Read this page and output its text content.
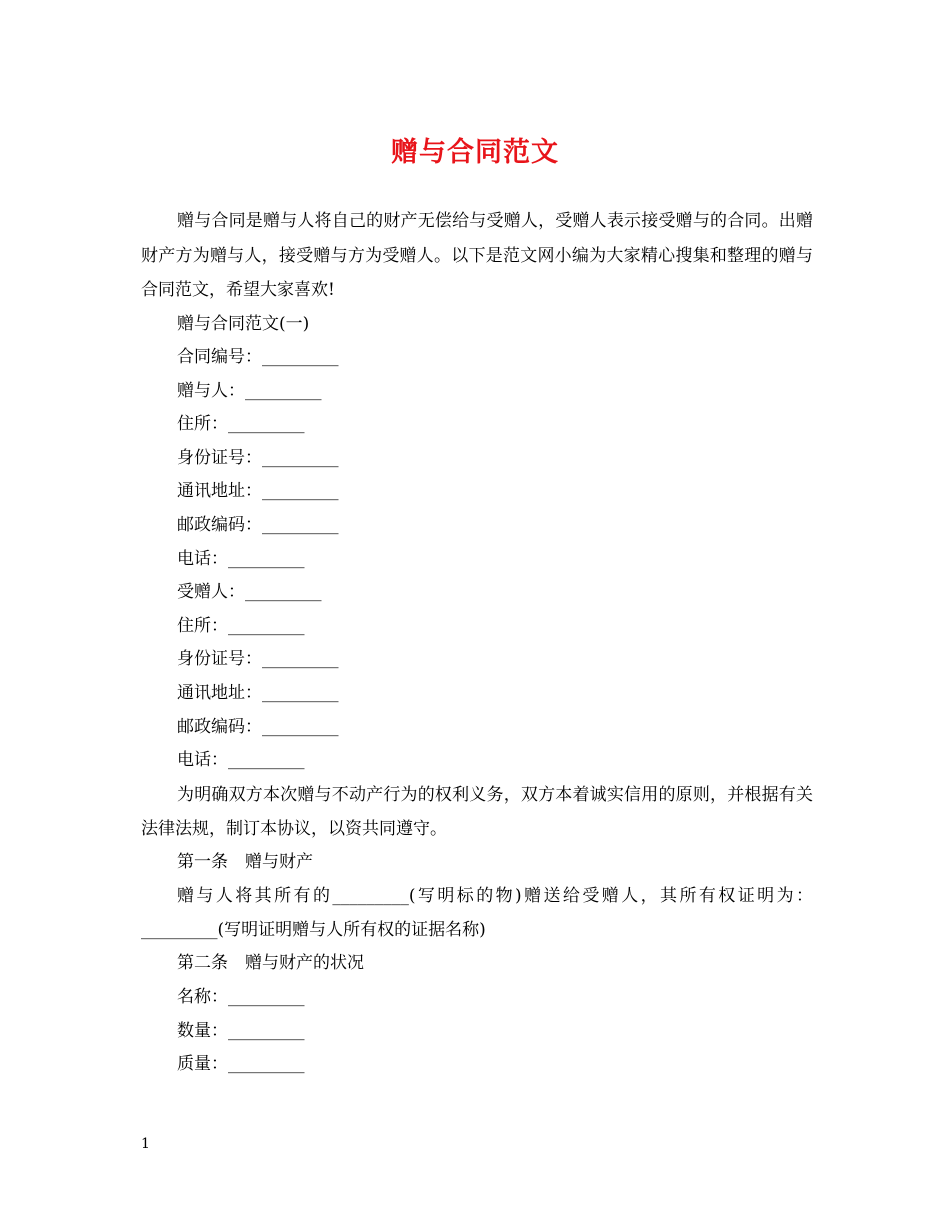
赠与合同范文

赠与合同是赠与人将自己的财产无偿给与受赠人，受赠人表示接受赠与的合同。出赠财产方为赠与人，接受赠与方为受赠人。以下是范文网小编为大家精心搜集和整理的赠与合同范文，希望大家喜欢!

赠与合同范文(一)
合同编号：_________
赠与人：_________
住所：_________
身份证号：_________
通讯地址：_________
邮政编码：_________
电话：_________
受赠人：_________
住所：_________
身份证号：_________
通讯地址：_________
邮政编码：_________
电话：_________

为明确双方本次赠与不动产行为的权利义务，双方本着诚实信用的原则，并根据有关法律法规，制订本协议，以资共同遵守。

第一条　赠与财产

赠与人将其所有的_________(写明标的物)赠送给受赠人，其所有权证明为：_________(写明证明赠与人所有权的证据名称)

第二条　赠与财产的状况
名称：_________
数量：_________
质量：_________
1
